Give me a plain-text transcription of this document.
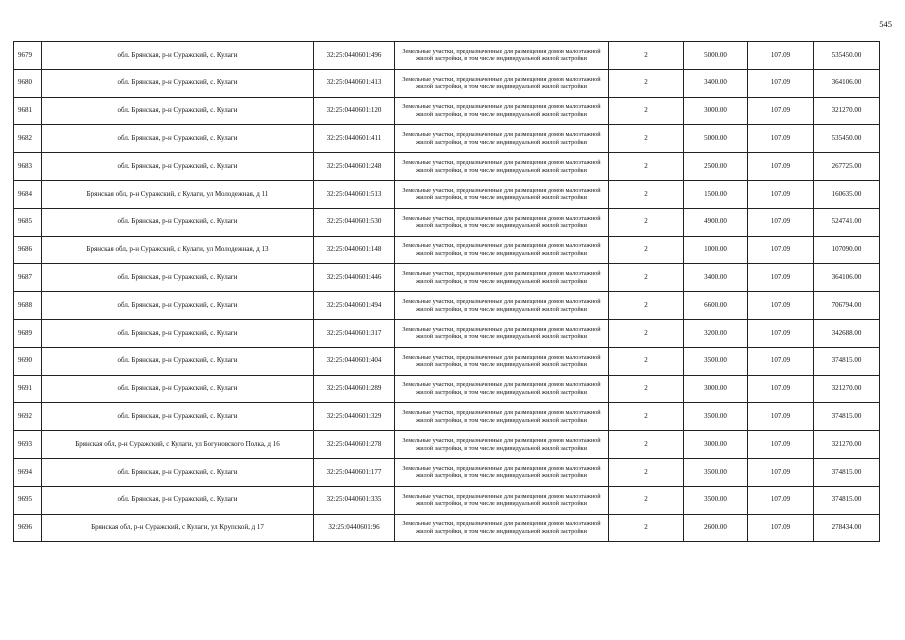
545
9679	обл. Брянская, р-н Суражский, с. Кулаги	32:25:0440601:496	Земельные участки, предназначенные для размещения домов малоэтажной жилой застройки, в том числе индивидуальной жилой застройки	2	5000.00	107.09	535450.00
9680	обл. Брянская, р-н Суражский, с. Кулаги	32:25:0440601:413	Земельные участки, предназначенные для размещения домов малоэтажной жилой застройки, в том числе индивидуальной жилой застройки	2	3400.00	107.09	364106.00
9681	обл. Брянская, р-н Суражский, с. Кулаги	32:25:0440601:120	Земельные участки, предназначенные для размещения домов малоэтажной жилой застройки, в том числе индивидуальной жилой застройки	2	3000.00	107.09	321270.00
9682	обл. Брянская, р-н Суражский, с. Кулаги	32:25:0440601:411	Земельные участки, предназначенные для размещения домов малоэтажной жилой застройки, в том числе индивидуальной жилой застройки	2	5000.00	107.09	535450.00
9683	обл. Брянская, р-н Суражский, с. Кулаги	32:25:0440601:248	Земельные участки, предназначенные для размещения домов малоэтажной жилой застройки, в том числе индивидуальной жилой застройки	2	2500.00	107.09	267725.00
9684	Брянская обл, р-н Суражский, с Кулаги, ул Молодежная, д 11	32:25:0440601:513	Земельные участки, предназначенные для размещения домов малоэтажной жилой застройки, в том числе индивидуальной жилой застройки	2	1500.00	107.09	160635.00
9685	обл. Брянская, р-н Суражский, с. Кулаги	32:25:0440601:530	Земельные участки, предназначенные для размещения домов малоэтажной жилой застройки, в том числе индивидуальной жилой застройки	2	4900.00	107.09	524741.00
9686	Брянская обл, р-н Суражский, с Кулаги, ул Молодежная, д 13	32:25:0440601:148	Земельные участки, предназначенные для размещения домов малоэтажной жилой застройки, в том числе индивидуальной жилой застройки	2	1000.00	107.09	107090.00
9687	обл. Брянская, р-н Суражский, с. Кулаги	32:25:0440601:446	Земельные участки, предназначенные для размещения домов малоэтажной жилой застройки, в том числе индивидуальной жилой застройки	2	3400.00	107.09	364106.00
9688	обл. Брянская, р-н Суражский, с. Кулаги	32:25:0440601:494	Земельные участки, предназначенные для размещения домов малоэтажной жилой застройки, в том числе индивидуальной жилой застройки	2	6600.00	107.09	706794.00
9689	обл. Брянская, р-н Суражский, с. Кулаги	32:25:0440601:317	Земельные участки, предназначенные для размещения домов малоэтажной жилой застройки, в том числе индивидуальной жилой застройки	2	3200.00	107.09	342688.00
9690	обл. Брянская, р-н Суражский, с. Кулаги	32:25:0440601:404	Земельные участки, предназначенные для размещения домов малоэтажной жилой застройки, в том числе индивидуальной жилой застройки	2	3500.00	107.09	374815.00
9691	обл. Брянская, р-н Суражский, с. Кулаги	32:25:0440601:289	Земельные участки, предназначенные для размещения домов малоэтажной жилой застройки, в том числе индивидуальной жилой застройки	2	3000.00	107.09	321270.00
9692	обл. Брянская, р-н Суражский, с. Кулаги	32:25:0440601:329	Земельные участки, предназначенные для размещения домов малоэтажной жилой застройки, в том числе индивидуальной жилой застройки	2	3500.00	107.09	374815.00
9693	Брянская обл, р-н Суражский, с Кулаги, ул Богуновского Полка, д 16	32:25:0440601:278	Земельные участки, предназначенные для размещения домов малоэтажной жилой застройки, в том числе индивидуальной жилой застройки	2	3000.00	107.09	321270.00
9694	обл. Брянская, р-н Суражский, с. Кулаги	32:25:0440601:177	Земельные участки, предназначенные для размещения домов малоэтажной жилой застройки, в том числе индивидуальной жилой застройки	2	3500.00	107.09	374815.00
9695	обл. Брянская, р-н Суражский, с. Кулаги	32:25:0440601:335	Земельные участки, предназначенные для размещения домов малоэтажной жилой застройки, в том числе индивидуальной жилой застройки	2	3500.00	107.09	374815.00
9696	Брянская обл, р-н Суражский, с Кулаги, ул Крупской, д 17	32:25:0440601:96	Земельные участки, предназначенные для размещения домов малоэтажной жилой застройки, в том числе индивидуальной жилой застройки	2	2600.00	107.09	278434.00
